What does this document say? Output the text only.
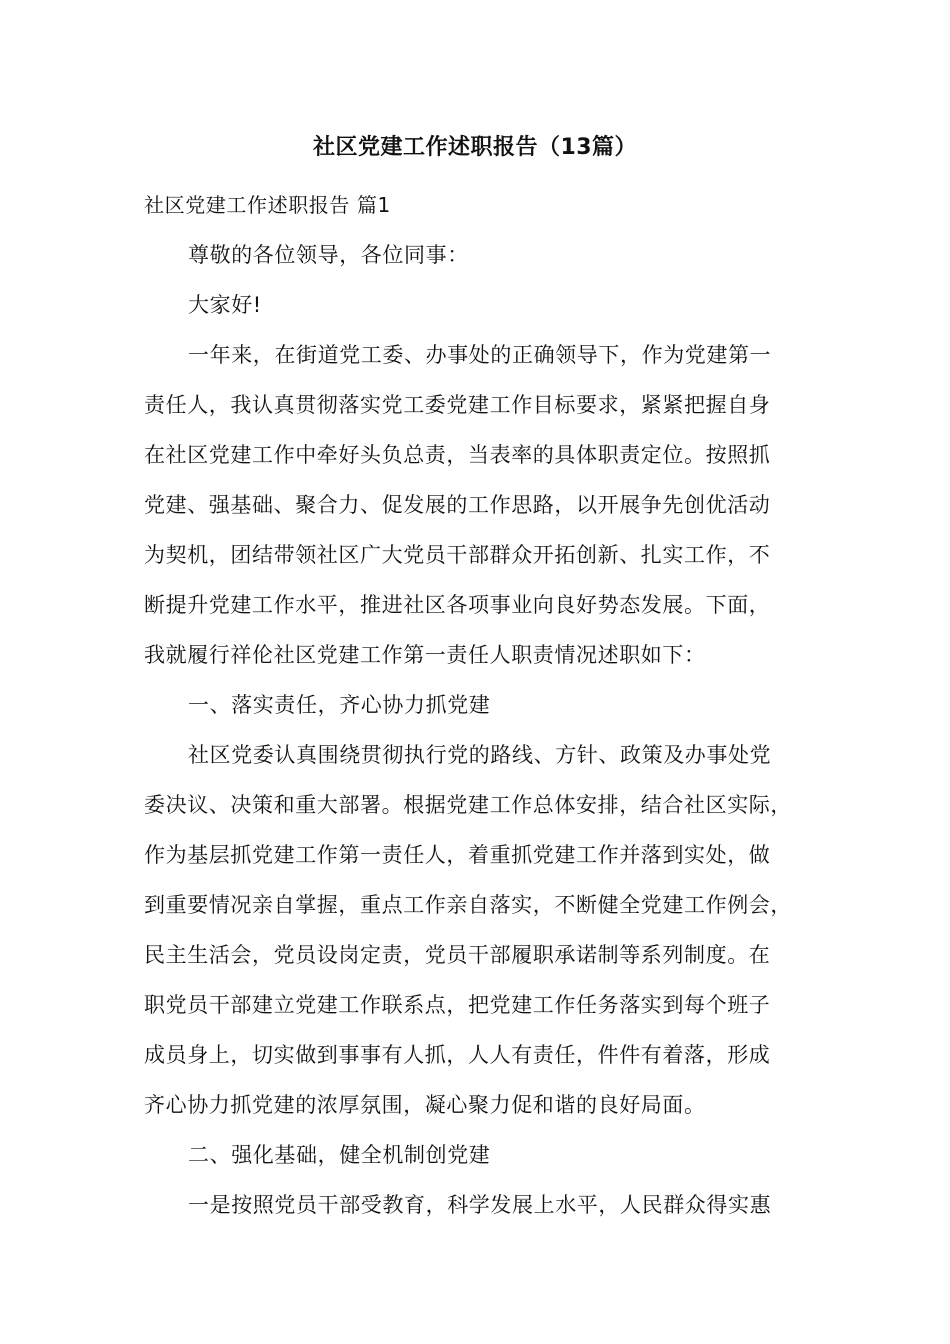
社区党建工作述职报告（13篇）
社区党建工作述职报告 篇1
尊敬的各位领导，各位同事：
大家好!
一年来，在街道党工委、办事处的正确领导下，作为党建第一
责任人，我认真贯彻落实党工委党建工作目标要求，紧紧把握自身
在社区党建工作中牵好头负总责，当表率的具体职责定位。按照抓
党建、强基础、聚合力、促发展的工作思路，以开展争先创优活动
为契机，团结带领社区广大党员干部群众开拓创新、扎实工作，不
断提升党建工作水平，推进社区各项事业向良好势态发展。下面，
我就履行祥伦社区党建工作第一责任人职责情况述职如下：
一、落实责任，齐心协力抓党建
社区党委认真围绕贯彻执行党的路线、方针、政策及办事处党
委决议、决策和重大部署。根据党建工作总体安排，结合社区实际，
作为基层抓党建工作第一责任人，着重抓党建工作并落到实处，做
到重要情况亲自掌握，重点工作亲自落实，不断健全党建工作例会，
民主生活会，党员设岗定责，党员干部履职承诺制等系列制度。在
职党员干部建立党建工作联系点，把党建工作任务落实到每个班子
成员身上，切实做到事事有人抓，人人有责任，件件有着落，形成
齐心协力抓党建的浓厚氛围，凝心聚力促和谐的良好局面。
二、强化基础，健全机制创党建
一是按照党员干部受教育，科学发展上水平，人民群众得实惠
